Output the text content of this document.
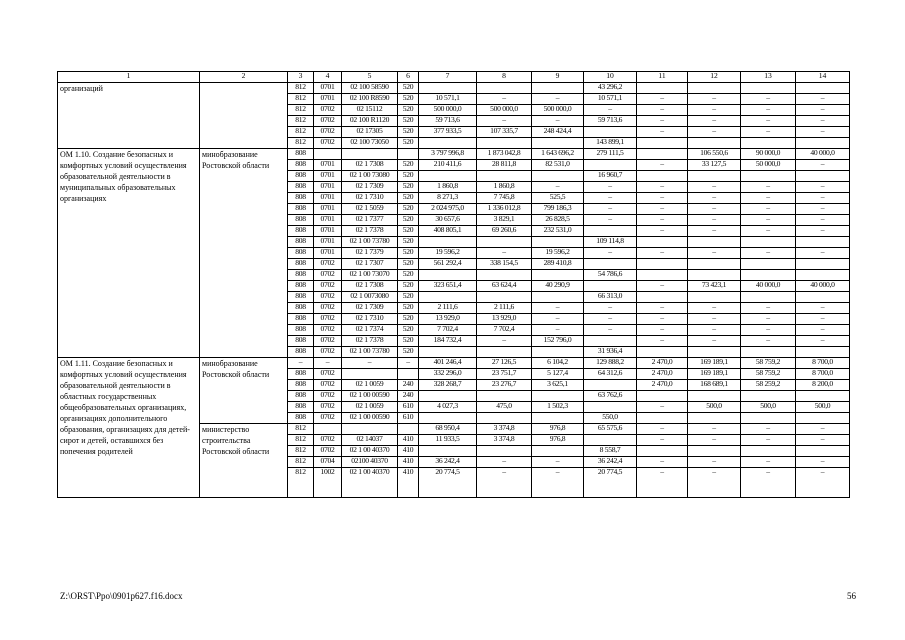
1	2	3	4	5	6	7	8	9	10	11	12	13	14

организаций		812	0701	02 100 58590	520				43 296,2				
		812	0701	02 100 R8590	520	10 571,1	–	–	10 571,1	–	–	–	–
		812	0702	02 15112	520	500 000,0	500 000,0	500 000,0	–	–	–	–	–
		812	0702	02 100 R1120	520	59 713,6	–	–	59 713,6	–	–	–	–
		812	0702	02 17305	520	377 933,5	107 335,7	248 424,4		–	–	–	–
		812	0702	02 100 73050	520				143 899,1				

ОМ 1.10. Создание безопасных и комфортных условий осуществления образовательной деятельности в муниципальных образовательных организациях	минобразование Ростовской области	808				3 797 996,8	1 873 042,8	1 643 696,2	279 111,5		106 550,6	90 000,0	40 000,0
		808	0701	02 1 7308	520	210 411,6	28 811,8	82 531,0		–	33 127,5	50 000,0	–
		808	0701	02 1 00 73080	520				16 960,7				
		808	0701	02 1 7309	520	1 860,8	1 860,8	–	–	–	–	–	–
		808	0701	02 1 7310	520	8 271,3	7 745,8	525,5	–	–	–	–	–
		808	0701	02 1 5059	520	2 024 975,0	1 336 012,8	799 186,3	–	–	–	–	–
		808	0701	02 1 7377	520	30 657,6	3 829,1	26 828,5	–	–	–	–	–
		808	0701	02 1 7378	520	408 805,1	69 260,6	232 531,0		–	–	–	–
		808	0701	02 1 00 73780	520				109 114,8				
		808	0701	02 1 7379	520	19 596,2	–	19 596,2	–	–	–	–	–
		808	0702	02 1 7307	520	561 292,4	338 154,5	289 410,8					
		808	0702	02 1 00 73070	520				54 786,6				
		808	0702	02 1 7308	520	323 651,4	63 624,4	40 290,9		–	73 423,1	40 000,0	40 000,0
		808	0702	02 1 0073080	520				66 313,0				
		808	0702	02 1 7309	520	2 111,6	2 111,6	–	–	–	–	–	–
		808	0702	02 1 7310	520	13 929,0	13 929,0	–	–	–	–	–	–
		808	0702	02 1 7374	520	7 702,4	7 702,4	–	–	–	–	–	–
		808	0702	02 1 7378	520	184 732,4	–	152 796,0		–	–	–	–
		808	0702	02 1 00 73780	520				31 936,4				

ОМ 1.11. Создание безопасных и комфортных условий осуществления образовательной деятельности в областных государственных общеобразовательных организациях, организациях дополнительного образования, организациях для детей-сирот и детей, оставшихся без попечения родителей	минобразование Ростовской области	–	–	–	–	401 246,4	27 126,5	6 104,2	129 888,2	2 470,0	169 189,1	58 759,2	8 700,0
		808	0702			332 296,0	23 751,7	5 127,4	64 312,6	2 470,0	169 189,1	58 759,2	8 700,0
		808	0702	02 1 0059	240	328 268,7	23 276,7	3 625,1		2 470,0	168 689,1	58 259,2	8 200,0
		808	0702	02 1 00 00590	240				63 762,6				
		808	0702	02 1 0059	610	4 027,3	475,0	1 502,3		–	500,0	500,0	500,0
		808	0702	02 1 00 00590	610				550,0				

	министерство строительства Ростовской области	812				68 950,4	3 374,8	976,8	65 575,6	–	–	–	–
		812	0702	02 14037	410	11 933,5	3 374,8	976,8		–	–	–	–
		812	0702	02 1 00 40370	410				8 558,7				
		812	0704	02100 40370	410	36 242,4	–	–	36 242,4	–	–	–	–
		812	1002	02 1 00 40370	410	20 774,5	–	–	20 774,5	–	–	–	–
Z:\ORST\Ppo\0901p627.f16.docx	56
